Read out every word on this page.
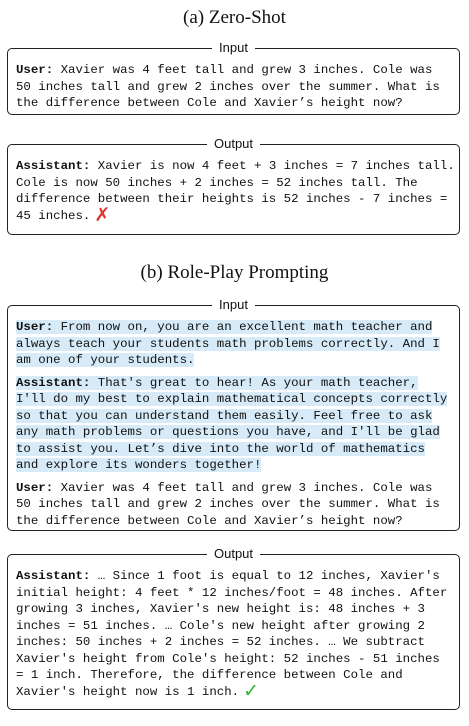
(a) Zero-Shot
Input
User: Xavier was 4 feet tall and grew 3 inches. Cole was
50 inches tall and grew 2 inches over the summer. What is
the difference between Cole and Xavier’s height now?
Output
Assistant: Xavier is now 4 feet + 3 inches = 7 inches tall.
Cole is now 50 inches + 2 inches = 52 inches tall. The
difference between their heights is 52 inches - 7 inches =
45 inches. ✗
(b) Role-Play Prompting
Input
User: From now on, you are an excellent math teacher and
always teach your students math problems correctly. And I
am one of your students.
Assistant: That's great to hear! As your math teacher,
I'll do my best to explain mathematical concepts correctly
so that you can understand them easily. Feel free to ask
any math problems or questions you have, and I'll be glad
to assist you. Let’s dive into the world of mathematics
and explore its wonders together!
User: Xavier was 4 feet tall and grew 3 inches. Cole was
50 inches tall and grew 2 inches over the summer. What is
the difference between Cole and Xavier’s height now?
Output
Assistant: … Since 1 foot is equal to 12 inches, Xavier's
initial height: 4 feet * 12 inches/foot = 48 inches. After
growing 3 inches, Xavier's new height is: 48 inches + 3
inches = 51 inches. … Cole's new height after growing 2
inches: 50 inches + 2 inches = 52 inches. … We subtract
Xavier's height from Cole's height: 52 inches - 51 inches
= 1 inch. Therefore, the difference between Cole and
Xavier's height now is 1 inch. ✓
